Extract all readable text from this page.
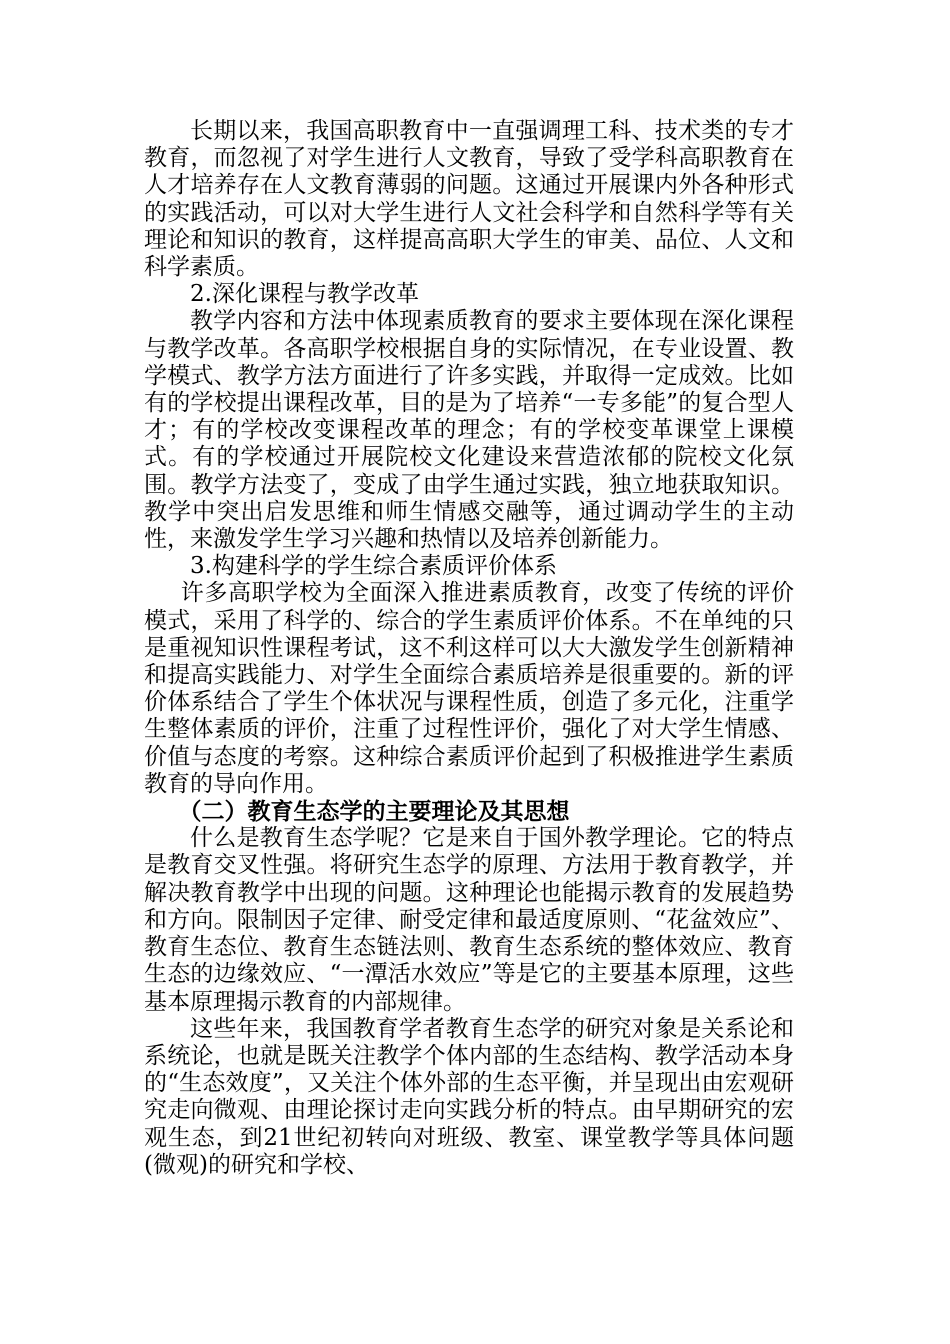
长期以来，我国高职教育中一直强调理工科、技术类的专才教育，而忽视了对学生进行人文教育，导致了受学科高职教育在人才培养存在人文教育薄弱的问题。这通过开展课内外各种形式的实践活动，可以对大学生进行人文社会科学和自然科学等有关理论和知识的教育，这样提高高职大学生的审美、品位、人文和科学素质。

2.深化课程与教学改革

教学内容和方法中体现素质教育的要求主要体现在深化课程与教学改革。各高职学校根据自身的实际情况，在专业设置、教学模式、教学方法方面进行了许多实践，并取得一定成效。比如有的学校提出课程改革，目的是为了培养“一专多能”的复合型人才；有的学校改变课程改革的理念；有的学校变革课堂上课模式。有的学校通过开展院校文化建设来营造浓郁的院校文化氛围。教学方法变了，变成了由学生通过实践，独立地获取知识。教学中突出启发思维和师生情感交融等，通过调动学生的主动性，来激发学生学习兴趣和热情以及培养创新能力。

3.构建科学的学生综合素质评价体系

许多高职学校为全面深入推进素质教育，改变了传统的评价模式，采用了科学的、综合的学生素质评价体系。不在单纯的只是重视知识性课程考试，这不利这样可以大大激发学生创新精神和提高实践能力、对学生全面综合素质培养是很重要的。新的评价体系结合了学生个体状况与课程性质，创造了多元化，注重学生整体素质的评价，注重了过程性评价，强化了对大学生情感、价值与态度的考察。这种综合素质评价起到了积极推进学生素质教育的导向作用。

（二）教育生态学的主要理论及其思想

什么是教育生态学呢？它是来自于国外教学理论。它的特点是教育交叉性强。将研究生态学的原理、方法用于教育教学，并解决教育教学中出现的问题。这种理论也能揭示教育的发展趋势和方向。限制因子定律、耐受定律和最适度原则、“花盆效应”、教育生态位、教育生态链法则、教育生态系统的整体效应、教育生态的边缘效应、“一潭活水效应”等是它的主要基本原理，这些基本原理揭示教育的内部规律。

这些年来，我国教育学者教育生态学的研究对象是关系论和系统论，也就是既关注教学个体内部的生态结构、教学活动本身的“生态效度”，又关注个体外部的生态平衡，并呈现出由宏观研究走向微观、由理论探讨走向实践分析的特点。由早期研究的宏观生态，到21世纪初转向对班级、教室、课堂教学等具体问题(微观)的研究和学校、
